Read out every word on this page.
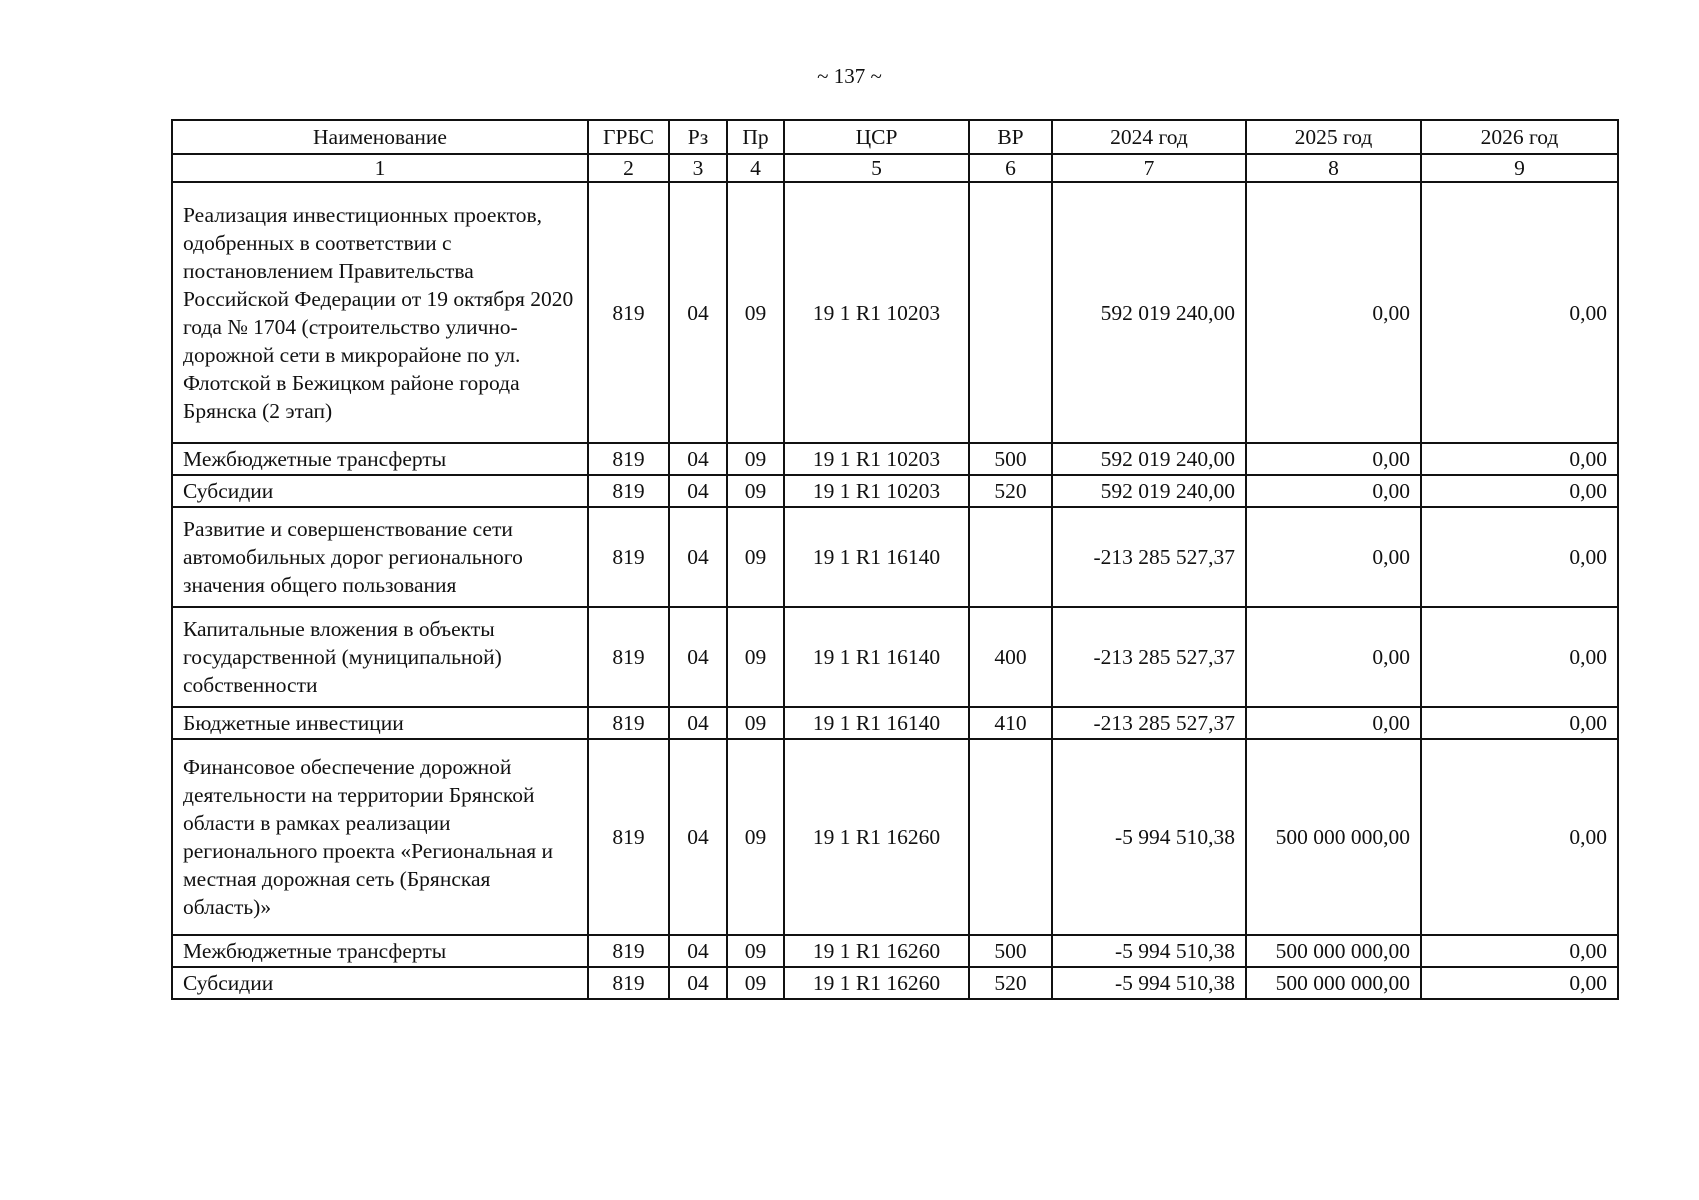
~ 137 ~
Наименование	ГРБС	Рз	Пр	ЦСР	ВР	2024 год	2025 год	2026 год
1	2	3	4	5	6	7	8	9
Реализация инвестиционных проектов, одобренных в соответствии с постановлением Правительства Российской Федерации от 19 октября 2020 года № 1704 (строительство улично-дорожной сети в микрорайоне по ул. Флотской в Бежицком районе города Брянска (2 этап)	819	04	09	19 1 R1 10203		592 019 240,00	0,00	0,00
Межбюджетные трансферты	819	04	09	19 1 R1 10203	500	592 019 240,00	0,00	0,00
Субсидии	819	04	09	19 1 R1 10203	520	592 019 240,00	0,00	0,00
Развитие и совершенствование сети автомобильных дорог регионального значения общего пользования	819	04	09	19 1 R1 16140		-213 285 527,37	0,00	0,00
Капитальные вложения в объекты государственной (муниципальной) собственности	819	04	09	19 1 R1 16140	400	-213 285 527,37	0,00	0,00
Бюджетные инвестиции	819	04	09	19 1 R1 16140	410	-213 285 527,37	0,00	0,00
Финансовое обеспечение дорожной деятельности на территории Брянской области в рамках реализации регионального проекта «Региональная и местная дорожная сеть (Брянская область)»	819	04	09	19 1 R1 16260		-5 994 510,38	500 000 000,00	0,00
Межбюджетные трансферты	819	04	09	19 1 R1 16260	500	-5 994 510,38	500 000 000,00	0,00
Субсидии	819	04	09	19 1 R1 16260	520	-5 994 510,38	500 000 000,00	0,00
